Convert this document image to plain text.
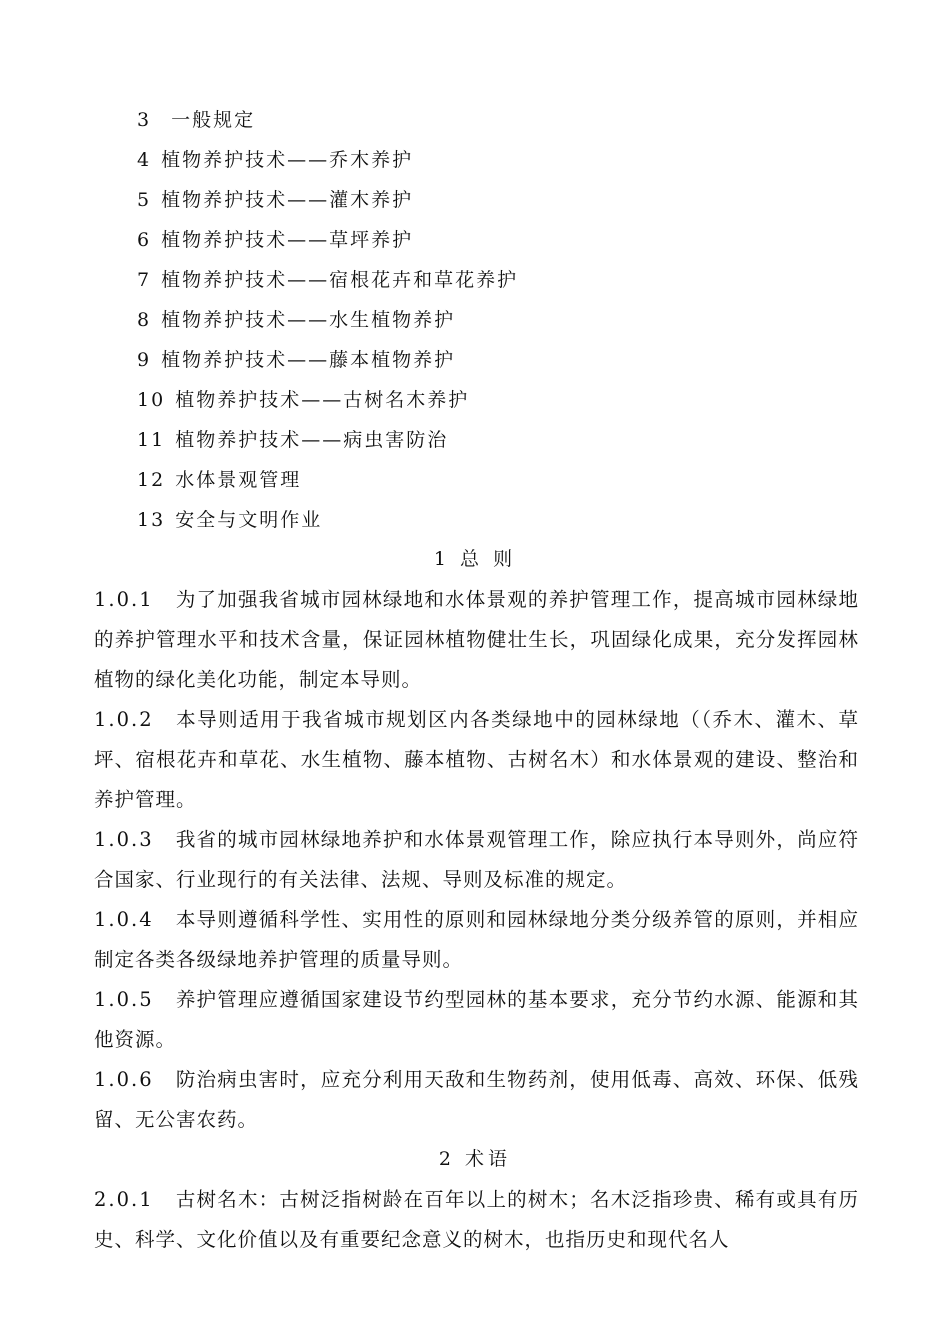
3 一般规定
4 植物养护技术——乔木养护
5 植物养护技术——灌木养护
6 植物养护技术——草坪养护
7 植物养护技术——宿根花卉和草花养护
8 植物养护技术——水生植物养护
9 植物养护技术——藤本植物养护
10 植物养护技术——古树名木养护
11 植物养护技术——病虫害防治
12 水体景观管理
13 安全与文明作业
1 总 则

1.0.1 为了加强我省城市园林绿地和水体景观的养护管理工作，提高城市园林绿地的养护管理水平和技术含量，保证园林植物健壮生长，巩固绿化成果，充分发挥园林植物的绿化美化功能，制定本导则。

1.0.2 本导则适用于我省城市规划区内各类绿地中的园林绿地（（乔木、灌木、草坪、宿根花卉和草花、水生植物、藤本植物、古树名木）和水体景观的建设、整治和养护管理。

1.0.3 我省的城市园林绿地养护和水体景观管理工作，除应执行本导则外，尚应符合国家、行业现行的有关法律、法规、导则及标准的规定。

1.0.4 本导则遵循科学性、实用性的原则和园林绿地分类分级养管的原则，并相应制定各类各级绿地养护管理的质量导则。

1.0.5 养护管理应遵循国家建设节约型园林的基本要求，充分节约水源、能源和其他资源。

1.0.6 防治病虫害时，应充分利用天敌和生物药剂，使用低毒、高效、环保、低残留、无公害农药。

2 术语

2.0.1 古树名木：古树泛指树龄在百年以上的树木；名木泛指珍贵、稀有或具有历史、科学、文化价值以及有重要纪念意义的树木，也指历史和现代名人
